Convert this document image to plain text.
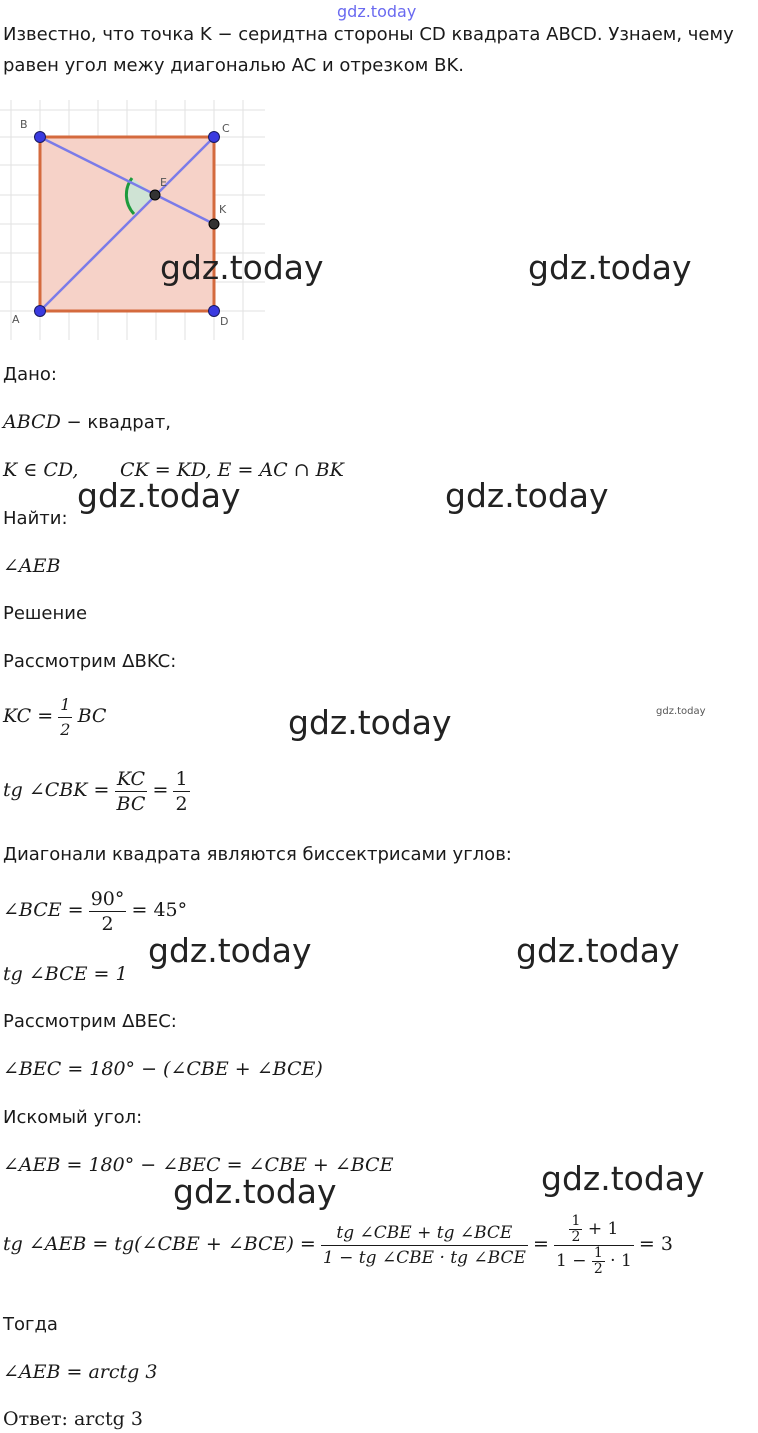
gdz.today
Известно, что точка K − серидтна стороны CD квадрата ABCD. Узнаем, чему
равен угол межу диагональю AC и отрезком BK.
B	C
A	D
E
K
gdz.today	gdz.today
gdz.today	gdz.today
gdz.today	gdz.today
gdz.today	gdz.today
gdz.today
gdz.today
Дано:
ABCD − квадрат,
K ∈ CD, CK = KD, E = AC ∩ BK
Найти:
∠AEB
Решение
Рассмотрим ΔBKC:
KC = $\frac{1}{2}$ BC
tg ∠CBK = $\frac{KC}{BC} = \frac{1}{2}$
Диагонали квадрата являются биссектрисами углов:
∠BCE = $\frac{90^\circ}{2} = 45^\circ$
tg ∠BCE = 1
Рассмотрим ΔBEC:
∠BEC = 180° − (∠CBE + ∠BCE)
Искомый угол:
∠AEB = 180° − ∠BEC = ∠CBE + ∠BCE
tg ∠AEB = tg(∠CBE + ∠BCE) = $\frac{\text{tg ∠CBE + tg ∠BCE}}{\text{1 − tg ∠CBE · tg ∠BCE}} = \frac{\frac{1}{2} + 1}{1 - \frac{1}{2} \cdot 1} = 3$
Тогда
∠AEB = arctg 3
Ответ: arctg 3
